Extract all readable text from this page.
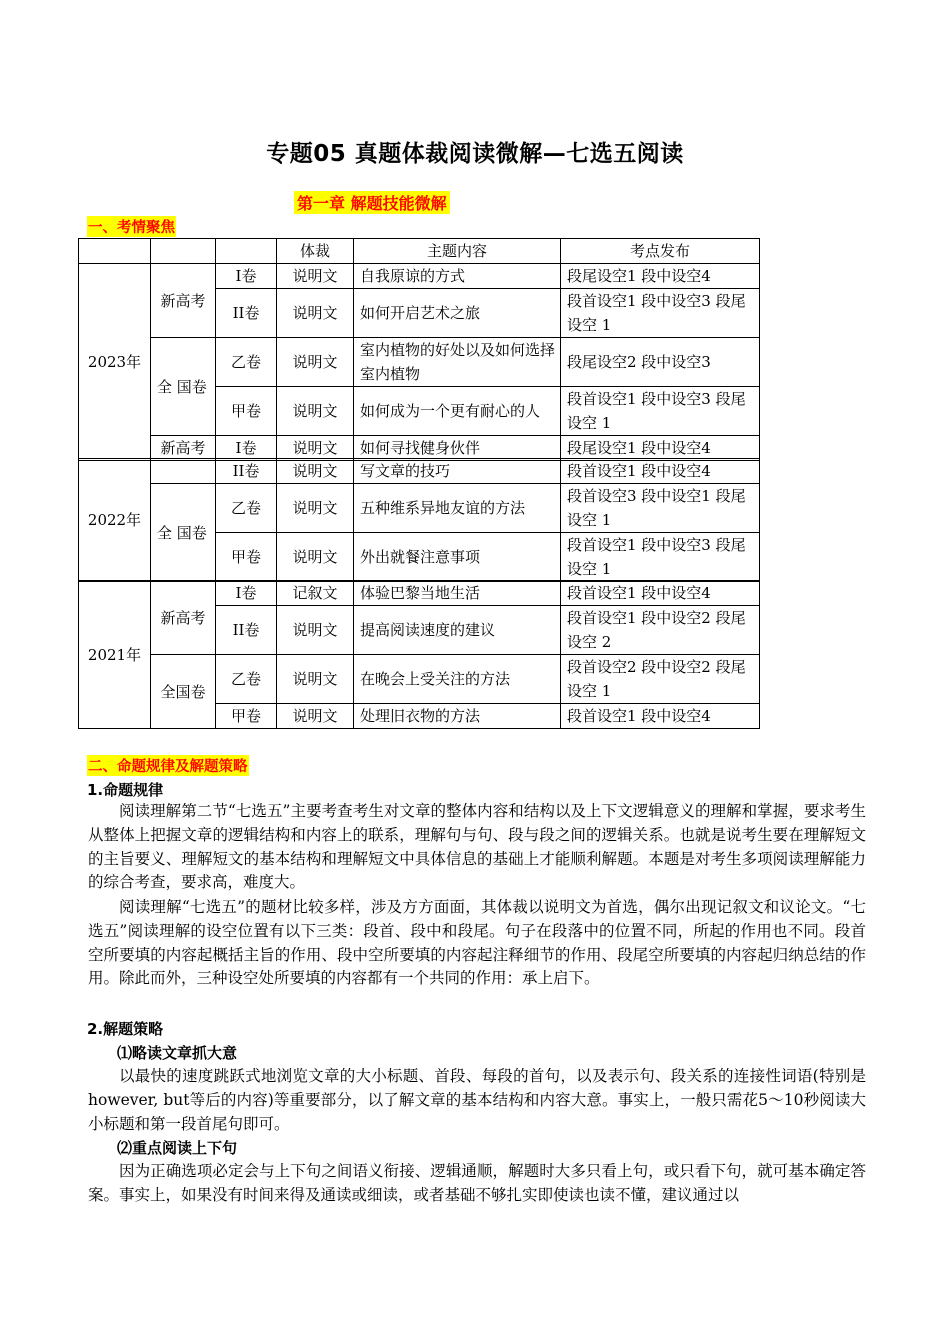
专题05 真题体裁阅读微解—七选五阅读
第一章 解题技能微解
一、考情聚焦
			体裁	主题内容	考点发布
2023年	新高考	I卷	说明文	自我原谅的方式	段尾设空1 段中设空4
		II卷	说明文	如何开启艺术之旅	段首设空1 段中设空3 段尾设空 1
	全 国卷	乙卷	说明文	室内植物的好处以及如何选择室内植物	段尾设空2 段中设空3
		甲卷	说明文	如何成为一个更有耐心的人	段首设空1 段中设空3 段尾设空 1
	新高考	I卷	说明文	如何寻找健身伙伴	段尾设空1 段中设空4
2022年		II卷	说明文	写文章的技巧	段首设空1 段中设空4
	全 国卷	乙卷	说明文	五种维系异地友谊的方法	段首设空3 段中设空1 段尾设空 1
		甲卷	说明文	外出就餐注意事项	段首设空1 段中设空3 段尾设空 1
2021年	新高考	I卷	记叙文	体验巴黎当地生活	段首设空1 段中设空4
		II卷	说明文	提高阅读速度的建议	段首设空1 段中设空2 段尾设空 2
	全国卷	乙卷	说明文	在晚会上受关注的方法	段首设空2 段中设空2 段尾设空 1
		甲卷	说明文	处理旧衣物的方法	段首设空1 段中设空4
二、命题规律及解题策略
1.命题规律

阅读理解第二节“七选五”主要考查考生对文章的整体内容和结构以及上下文逻辑意义的理解和掌握，要求考生从整体上把握文章的逻辑结构和内容上的联系，理解句与句、段与段之间的逻辑关系。也就是说考生要在理解短文的主旨要义、理解短文的基本结构和理解短文中具体信息的基础上才能顺利解题。本题是对考生多项阅读理解能力的综合考查，要求高，难度大。

阅读理解“七选五”的题材比较多样，涉及方方面面，其体裁以说明文为首选，偶尔出现记叙文和议论文。“七选五”阅读理解的设空位置有以下三类：段首、段中和段尾。句子在段落中的位置不同，所起的作用也不同。段首空所要填的内容起概括主旨的作用、段中空所要填的内容起注释细节的作用、段尾空所要填的内容起归纳总结的作用。除此而外，三种设空处所要填的内容都有一个共同的作用：承上启下。

2.解题策略
⑴略读文章抓大意

以最快的速度跳跃式地浏览文章的大小标题、首段、每段的首句，以及表示句、段关系的连接性词语(特别是however, but等后的内容)等重要部分，以了解文章的基本结构和内容大意。事实上，一般只需花5～10秒阅读大小标题和第一段首尾句即可。

⑵重点阅读上下句

因为正确选项必定会与上下句之间语义衔接、逻辑通顺，解题时大多只看上句，或只看下句，就可基本确定答案。事实上，如果没有时间来得及通读或细读，或者基础不够扎实即使读也读不懂，建议通过以
